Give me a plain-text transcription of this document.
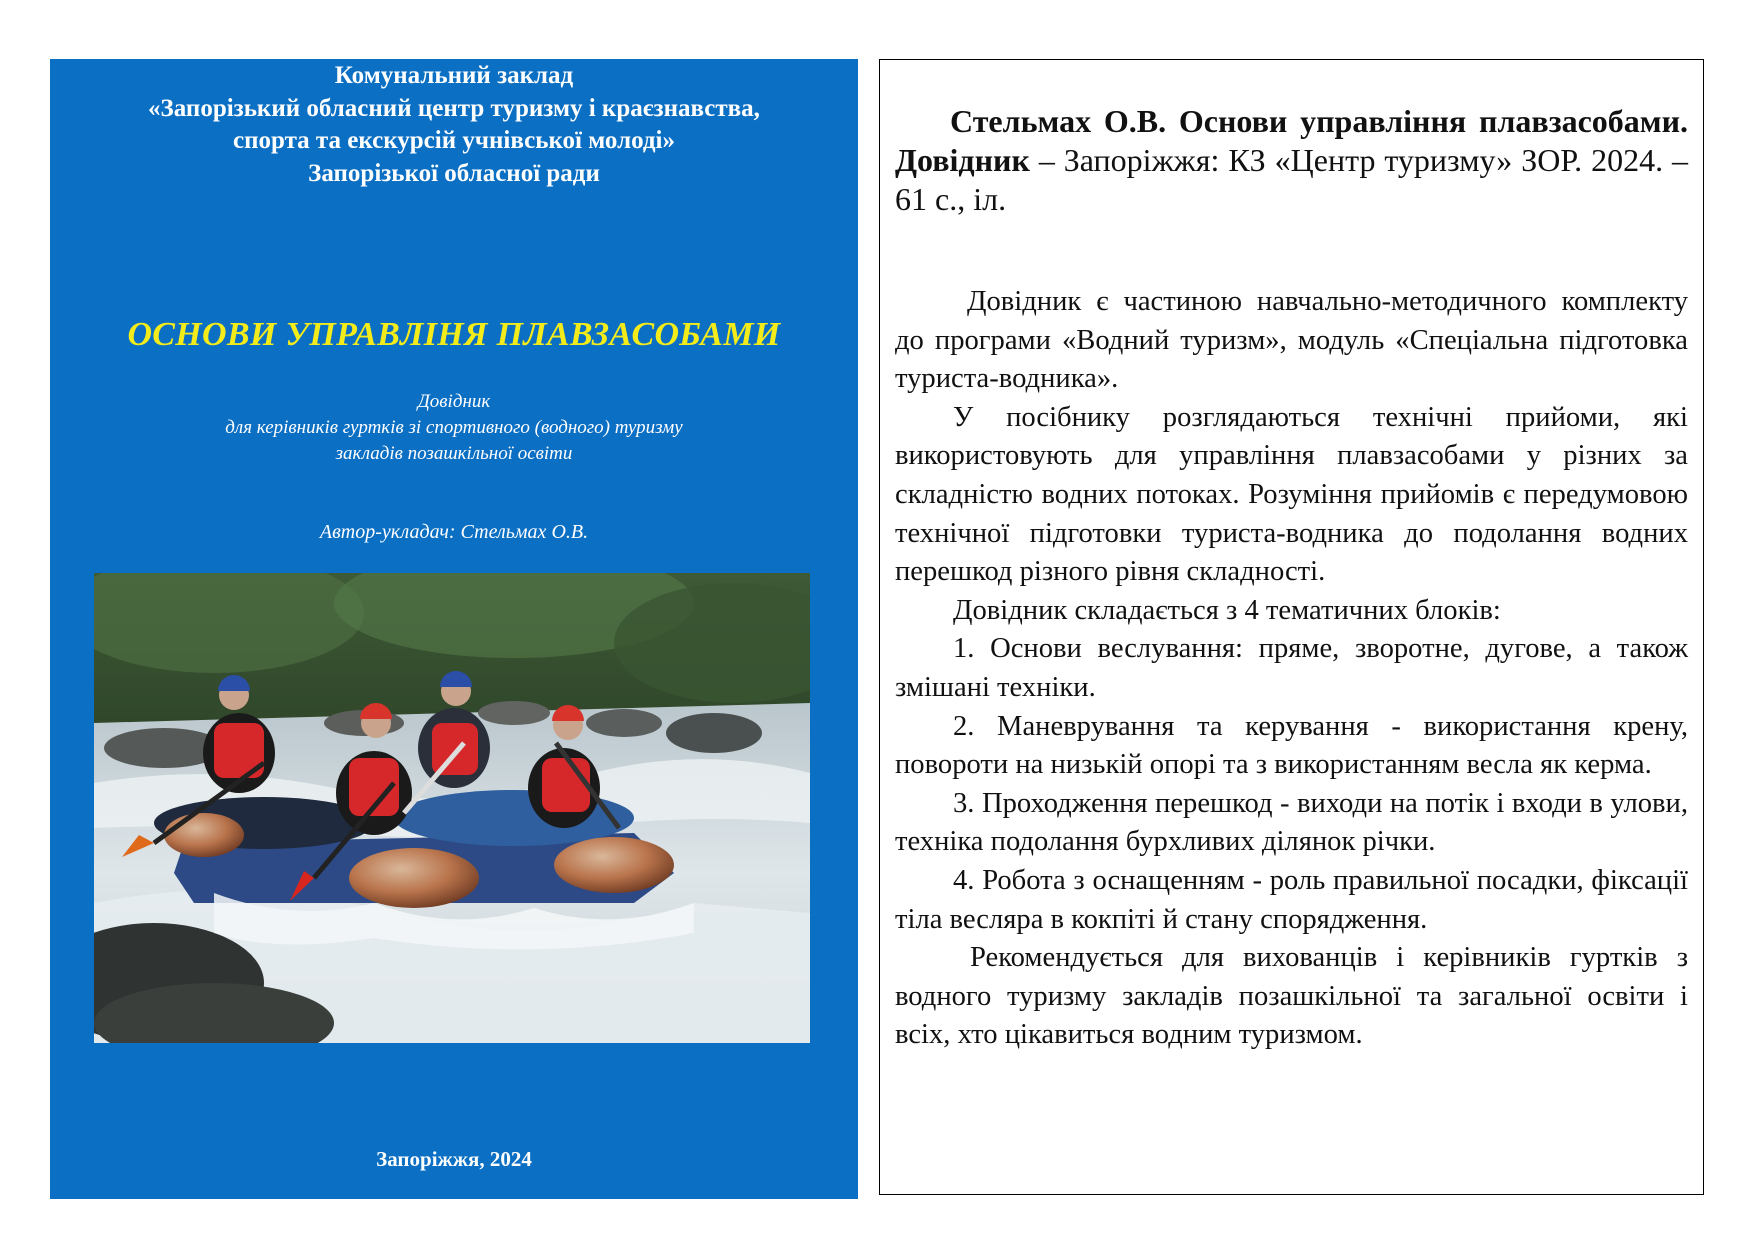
Комунальний заклад
«Запорізький обласний центр туризму і краєзнавства,
спорта та екскурсій учнівської молоді»
Запорізької обласної ради
ОСНОВИ УПРАВЛІНЯ ПЛАВЗАСОБАМИ
Довідник
для керівників гуртків зі спортивного (водного) туризму
закладів позашкільної освіти
Автор-укладач: Стельмах О.В.
Запоріжжя, 2024
Стельмах О.В. Основи управління плавзасобами. Довідник – Запоріжжя: КЗ «Центр туризму» ЗОР. 2024. – 61 с., іл.

Довідник є частиною навчально-методичного комплекту до програми «Водний туризм», модуль «Спеціальна підготовка туриста-водника».

У посібнику розглядаються технічні прийоми, які використовують для управління плавзасобами у різних за складністю водних потоках. Розуміння прийомів є передумовою технічної підготовки туриста-водника до подолання водних перешкод різного рівня складності.

Довідник складається з 4 тематичних блоків:

1. Основи веслування: пряме, зворотне, дугове, а також змішані техніки.

2. Маневрування та керування - використання крену, повороти на низькій опорі та з використанням весла як керма.

3. Проходження перешкод - виходи на потік і входи в улови, техніка подолання бурхливих ділянок річки.

4. Робота з оснащенням - роль правильної посадки, фіксації тіла весляра в кокпіті й стану спорядження.

Рекомендується для вихованців і керівників гуртків з водного туризму закладів позашкільної та загальної освіти і всіх, хто цікавиться водним туризмом.
